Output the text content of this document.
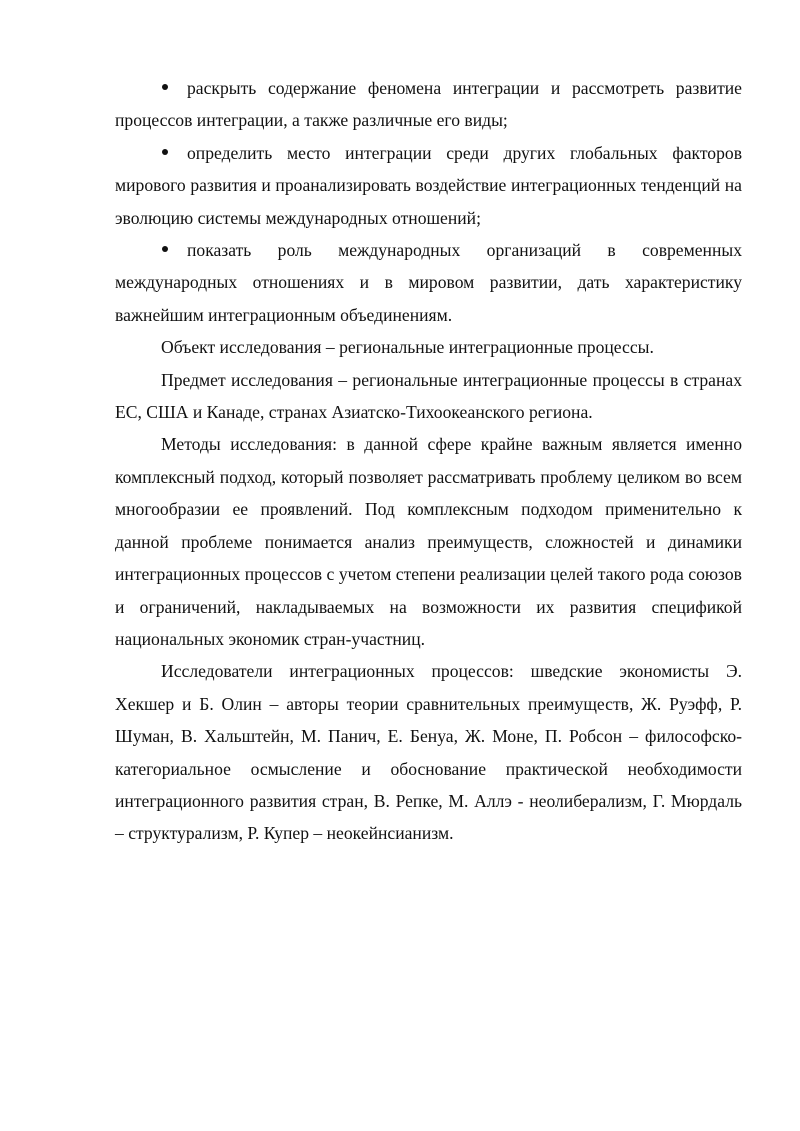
раскрыть содержание феномена интеграции и рассмотреть развитие процессов интеграции, а также различные его виды;

определить место интеграции среди других глобальных факторов мирового развития и проанализировать воздействие интеграционных тенденций на эволюцию системы международных отношений;

показать роль международных организаций в современных международных отношениях и в мировом развитии, дать характеристику важнейшим интеграционным объединениям.

Объект исследования – региональные интеграционные процессы.

Предмет исследования – региональные интеграционные процессы в странах ЕС, США и Канаде, странах Азиатско-Тихоокеанского региона.

Методы исследования: в данной сфере крайне важным является именно комплексный подход, который позволяет рассматривать проблему целиком во всем многообразии ее проявлений. Под комплексным подходом применительно к данной проблеме понимается анализ преимуществ, сложностей и динамики интеграционных процессов с учетом степени реализации целей такого рода союзов и ограничений, накладываемых на возможности их развития спецификой национальных экономик стран-участниц.

Исследователи интеграционных процессов: шведские экономисты Э. Хекшер и Б. Олин – авторы теории сравнительных преимуществ, Ж. Руэфф, Р. Шуман, В. Хальштейн, М. Панич, Е. Бенуа, Ж. Моне, П. Робсон – философско-категориальное осмысление и обоснование практической необходимости интеграционного развития стран, В. Репке, М. Аллэ - неолиберализм, Г. Мюрдаль – структурализм, Р. Купер – неокейнсианизм.
